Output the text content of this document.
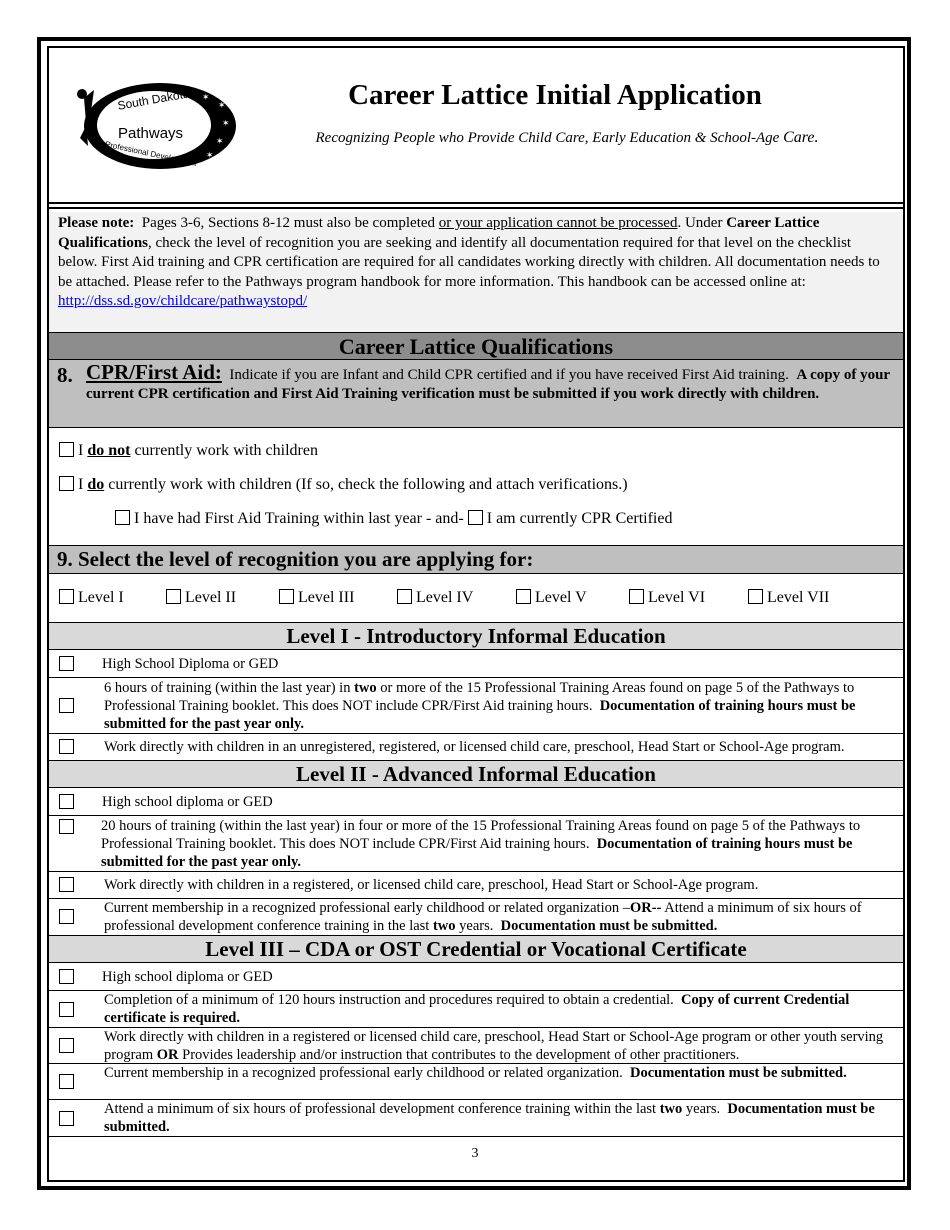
✶
✶
✶
✶
✶
South Dakota
Pathways
to Professional Development
Career Lattice Initial Application
Recognizing People who Provide Child Care, Early Education & School-Age Care.
Please note: Pages 3-6, Sections 8-12 must also be completed or your application cannot be processed. Under Career Lattice Qualifications, check the level of recognition you are seeking and identify all documentation required for that level on the checklist below. First Aid training and CPR certification are required for all candidates working directly with children. All documentation needs to be attached. Please refer to the Pathways program handbook for more information. This handbook can be accessed online at:  http://dss.sd.gov/childcare/pathwaystopd/
Career Lattice Qualifications
8. CPR/First Aid: Indicate if you are Infant and Child CPR certified and if you have received First Aid training. A copy of your current CPR certification and First Aid Training verification must be submitted if you work directly with children.
I do not currently work with children
I do currently work with children (If so, check the following and attach verifications.)
I have had First Aid Training within last year - and- I am currently CPR Certified
9. Select the level of recognition you are applying for:
Level I	Level II	Level III	Level IV	Level V	Level VI	Level VII
Level I - Introductory Informal Education
High School Diploma or GED
6 hours of training (within the last year) in two or more of the 15 Professional Training Areas found on page 5 of the Pathways to Professional Training booklet. This does NOT include CPR/First Aid training hours. Documentation of training hours must be submitted for the past year only.
Work directly with children in an unregistered, registered, or licensed child care, preschool, Head Start or School-Age program.
Level II - Advanced Informal Education
High school diploma or GED
20 hours of training (within the last year) in four or more of the 15 Professional Training Areas found on page 5 of the Pathways to Professional Training booklet. This does NOT include CPR/First Aid training hours. Documentation of training hours must be submitted for the past year only.
Work directly with children in a registered, or licensed child care, preschool, Head Start or School-Age program.
Current membership in a recognized professional early childhood or related organization –OR-- Attend a minimum of six hours of professional development conference training in the last two years. Documentation must be submitted.
Level III – CDA or OST Credential or Vocational Certificate
High school diploma or GED
Completion of a minimum of 120 hours instruction and procedures required to obtain a credential. Copy of current Credential certificate is required.
Work directly with children in a registered or licensed child care, preschool, Head Start or School-Age program or other youth serving program OR Provides leadership and/or instruction that contributes to the development of other practitioners.
Current membership in a recognized professional early childhood or related organization. Documentation must be submitted.
Attend a minimum of six hours of professional development conference training within the last two years. Documentation must be submitted.
3
